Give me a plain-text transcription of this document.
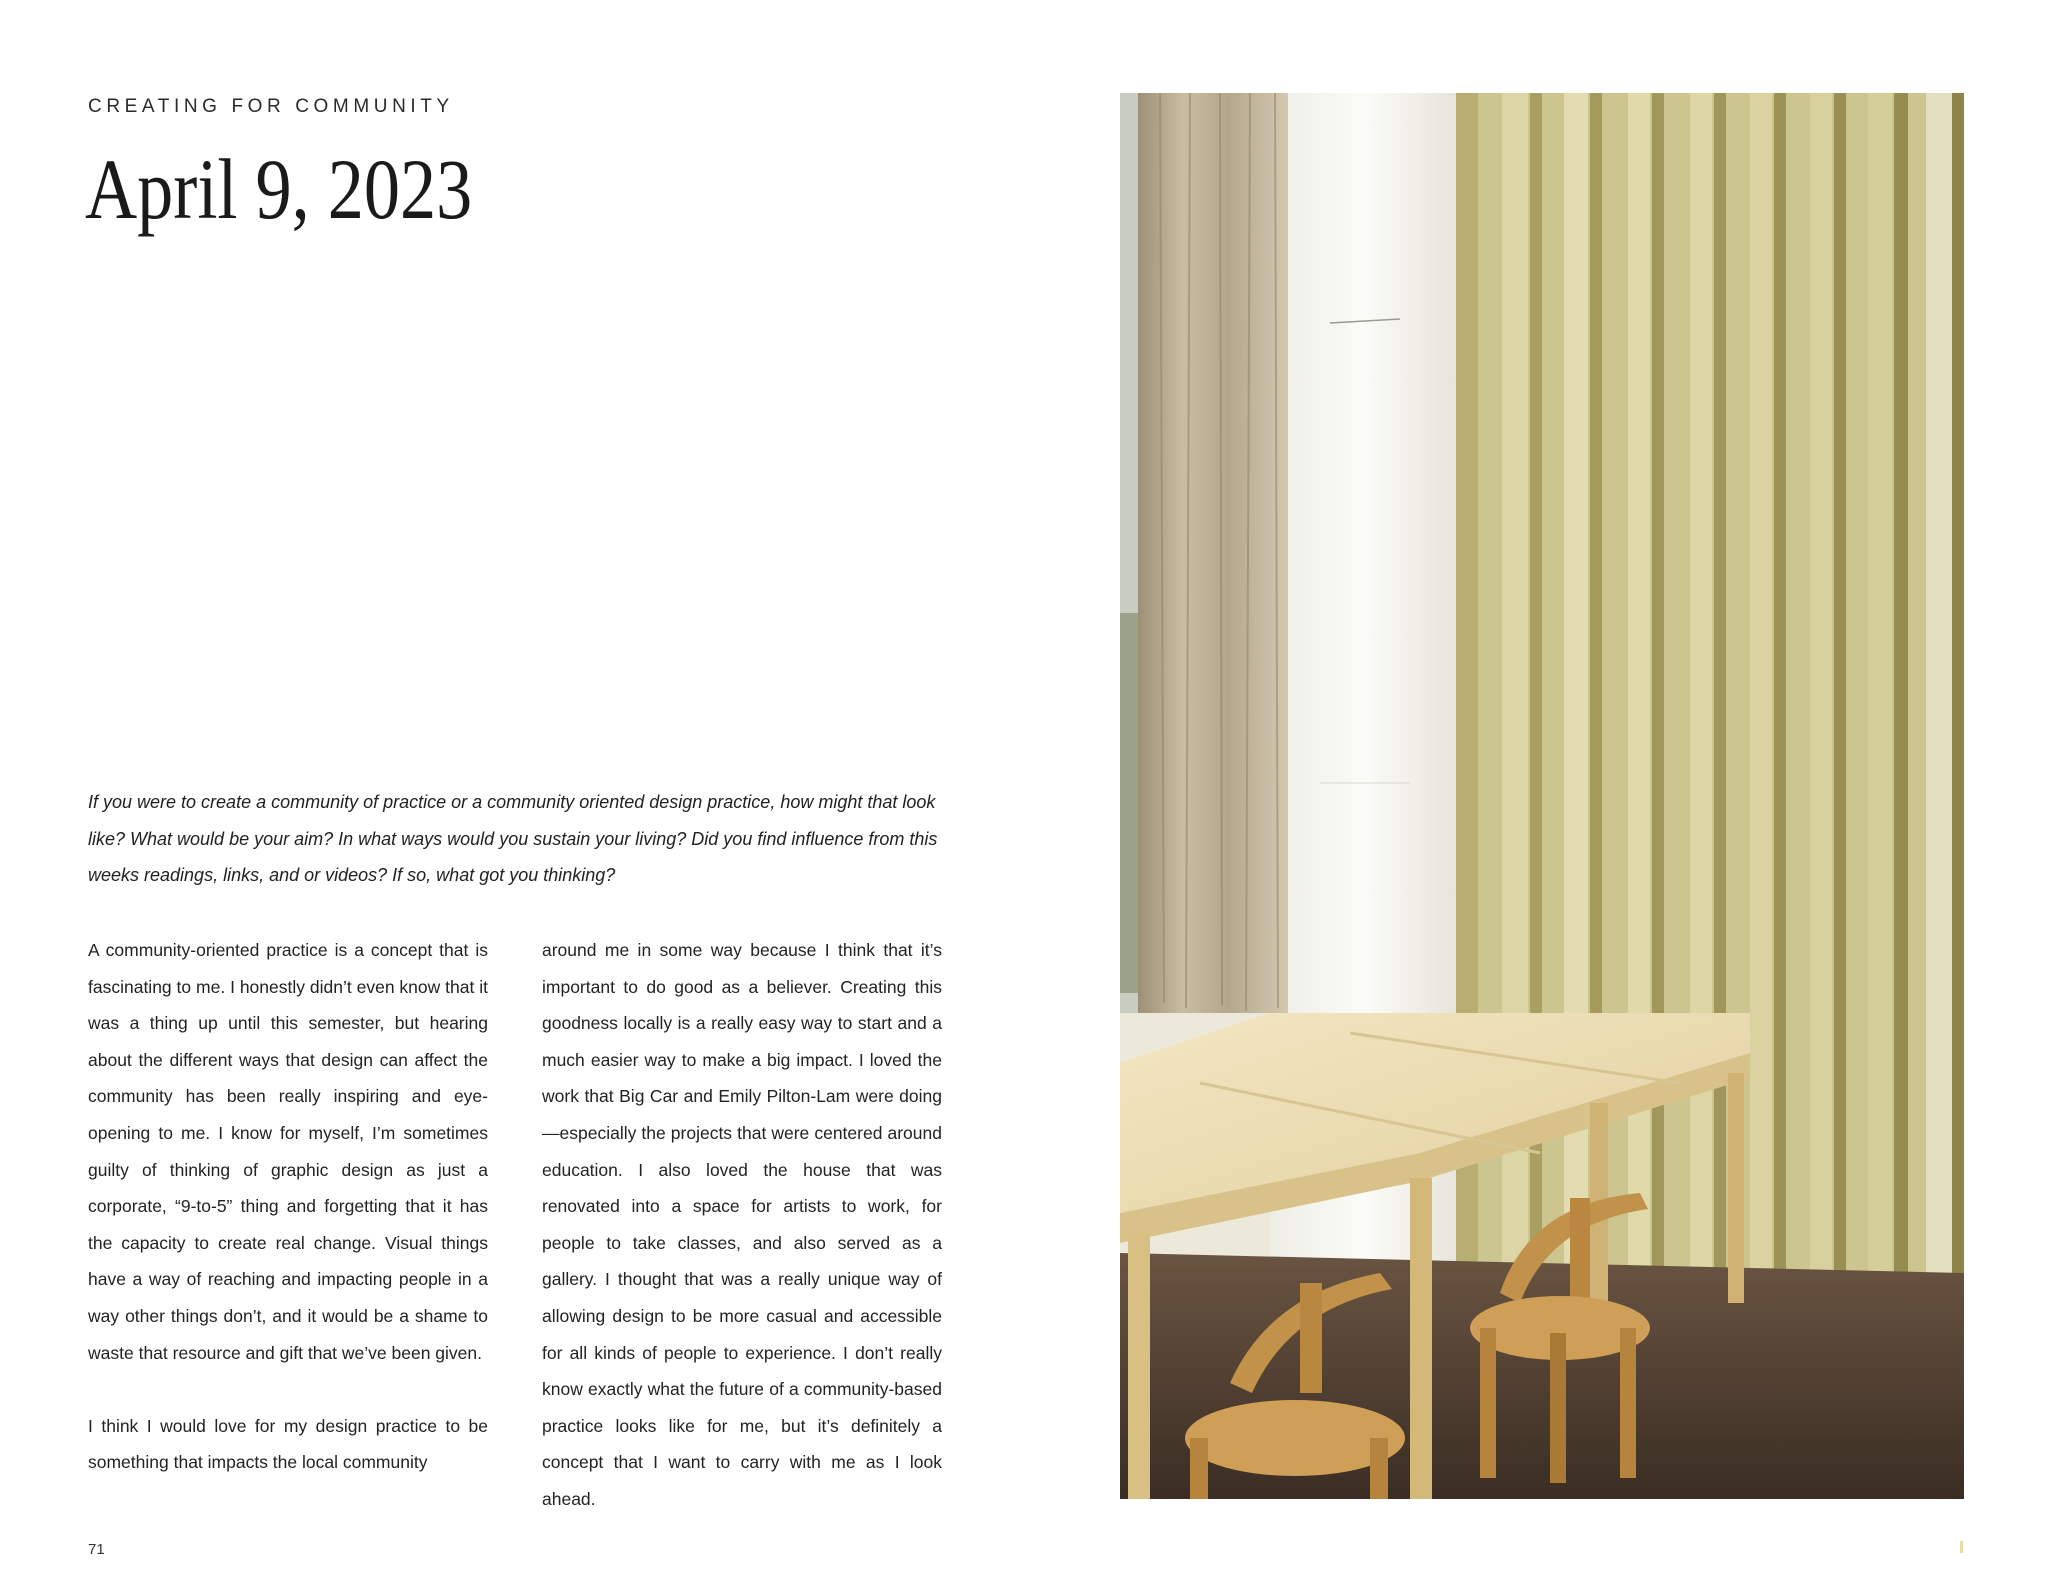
CREATING FOR COMMUNITY
April 9, 2023

If you were to create a community of practice or a community oriented design practice, how might that look like? What would be your aim? In what ways would you sustain your living? Did you find influence from this weeks readings, links, and or videos? If so, what got you thinking?

A community-oriented practice is a concept that is fascinating to me. I honestly didn’t even know that it was a thing up until this semester, but hearing about the different ways that design can affect the community has been really inspiring and eye-opening to me. I know for myself, I’m sometimes guilty of thinking of graphic design as just a corporate, “9-to-5” thing and forgetting that it has the capacity to create real change. Visual things have a way of reaching and impacting people in a way other things don’t, and it would be a shame to waste that resource and gift that we’ve been given.

I think I would love for my design practice to be something that impacts the local community

around me in some way because I think that it’s important to do good as a believer. Creating this goodness locally is a really easy way to start and a much easier way to make a big impact. I loved the work that Big Car and Emily Pilton-Lam were doing—especially the projects that were centered around education. I also loved the house that was renovated into a space for artists to work, for people to take classes, and also served as a gallery. I thought that was a really unique way of allowing design to be more casual and accessible for all kinds of people to experience. I don’t really know exactly what the future of a community-based practice looks like for me, but it’s definitely a concept that I want to carry with me as I look ahead.

71
